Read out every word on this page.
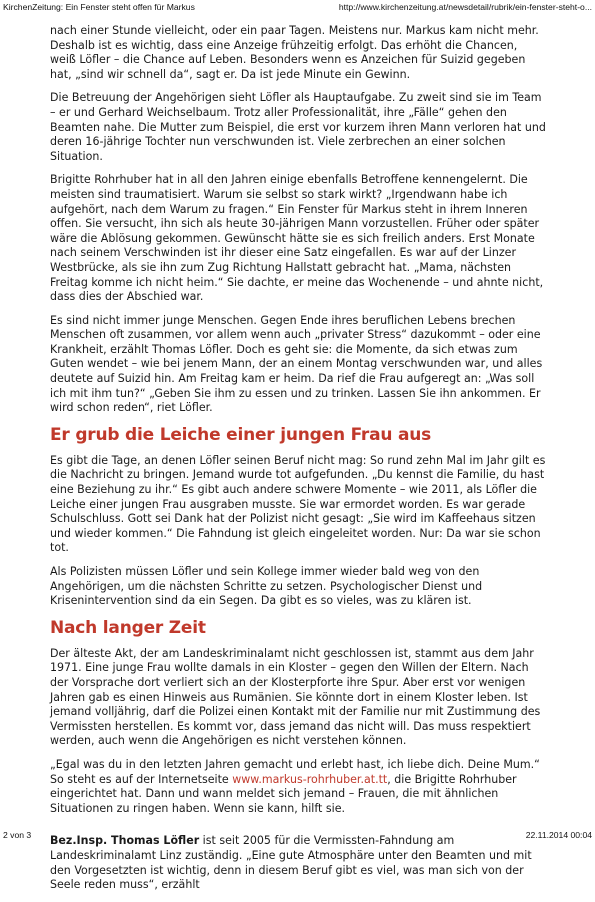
KirchenZeitung: Ein Fenster steht offen für Markus	http://www.kirchenzeitung.at/newsdetail/rubrik/ein-fenster-steht-o...

nach einer Stunde vielleicht, oder ein paar Tagen. Meistens nur. Markus kam nicht mehr. Deshalb ist es wichtig, dass eine Anzeige frühzeitig erfolgt. Das erhöht die Chancen, weiß Löfler – die Chance auf Leben. Besonders wenn es Anzeichen für Suizid gegeben hat, „sind wir schnell da“, sagt er. Da ist jede Minute ein Gewinn.

Die Betreuung der Angehörigen sieht Löfler als Hauptaufgabe. Zu zweit sind sie im Team – er und Gerhard Weichselbaum. Trotz aller Professionalität, ihre „Fälle“ gehen den Beamten nahe. Die Mutter zum Beispiel, die erst vor kurzem ihren Mann verloren hat und deren 16-jährige Tochter nun verschwunden ist. Viele zerbrechen an einer solchen Situation.

Brigitte Rohrhuber hat in all den Jahren einige ebenfalls Betroffene kennengelernt. Die meisten sind traumatisiert. Warum sie selbst so stark wirkt? „Irgendwann habe ich aufgehört, nach dem Warum zu fragen.“ Ein Fenster für Markus steht in ihrem Inneren offen. Sie versucht, ihn sich als heute 30-jährigen Mann vorzustellen. Früher oder später wäre die Ablösung gekommen. Gewünscht hätte sie es sich freilich anders. Erst Monate nach seinem Verschwinden ist ihr dieser eine Satz eingefallen. Es war auf der Linzer Westbrücke, als sie ihn zum Zug Richtung Hallstatt gebracht hat. „Mama, nächsten Freitag komme ich nicht heim.“ Sie dachte, er meine das Wochenende – und ahnte nicht, dass dies der Abschied war.

Es sind nicht immer junge Menschen. Gegen Ende ihres beruflichen Lebens brechen Menschen oft zusammen, vor allem wenn auch „privater Stress“ dazukommt – oder eine Krankheit, erzählt Thomas Löfler. Doch es geht sie: die Momente, da sich etwas zum Guten wendet – wie bei jenem Mann, der an einem Montag verschwunden war, und alles deutete auf Suizid hin. Am Freitag kam er heim. Da rief die Frau aufgeregt an: „Was soll ich mit ihm tun?“ „Geben Sie ihm zu essen und zu trinken. Lassen Sie ihn ankommen. Er wird schon reden“, riet Löfler.

Er grub die Leiche einer jungen Frau aus

Es gibt die Tage, an denen Löfler seinen Beruf nicht mag: So rund zehn Mal im Jahr gilt es die Nachricht zu bringen. Jemand wurde tot aufgefunden. „Du kennst die Familie, du hast eine Beziehung zu ihr.“ Es gibt auch andere schwere Momente – wie 2011, als Löfler die Leiche einer jungen Frau ausgraben musste. Sie war ermordet worden. Es war gerade Schulschluss. Gott sei Dank hat der Polizist nicht gesagt: „Sie wird im Kaffeehaus sitzen und wieder kommen.“ Die Fahndung ist gleich eingeleitet worden. Nur: Da war sie schon tot.

Als Polizisten müssen Löfler und sein Kollege immer wieder bald weg von den Angehörigen, um die nächsten Schritte zu setzen. Psychologischer Dienst und Krisenintervention sind da ein Segen. Da gibt es so vieles, was zu klären ist.

Nach langer Zeit

Der älteste Akt, der am Landeskriminalamt nicht geschlossen ist, stammt aus dem Jahr 1971. Eine junge Frau wollte damals in ein Kloster – gegen den Willen der Eltern. Nach der Vorsprache dort verliert sich an der Klosterpforte ihre Spur. Aber erst vor wenigen Jahren gab es einen Hinweis aus Rumänien. Sie könnte dort in einem Kloster leben. Ist jemand volljährig, darf die Polizei einen Kontakt mit der Familie nur mit Zustimmung des Vermissten herstellen. Es kommt vor, dass jemand das nicht will. Das muss respektiert werden, auch wenn die Angehörigen es nicht verstehen können.

„Egal was du in den letzten Jahren gemacht und erlebt hast, ich liebe dich. Deine Mum.“ So steht es auf der Internetseite www.markus-rohrhuber.at.tt, die Brigitte Rohrhuber eingerichtet hat. Dann und wann meldet sich jemand – Frauen, die mit ähnlichen Situationen zu ringen haben. Wenn sie kann, hilft sie.

Bez.Insp. Thomas Löfler ist seit 2005 für die Vermissten-Fahndung am Landeskriminalamt Linz zuständig. „Eine gute Atmosphäre unter den Beamten und mit den Vorgesetzten ist wichtig, denn in diesem Beruf gibt es viel, was man sich von der Seele reden muss“, erzählt

2 von 3	22.11.2014 00:04
